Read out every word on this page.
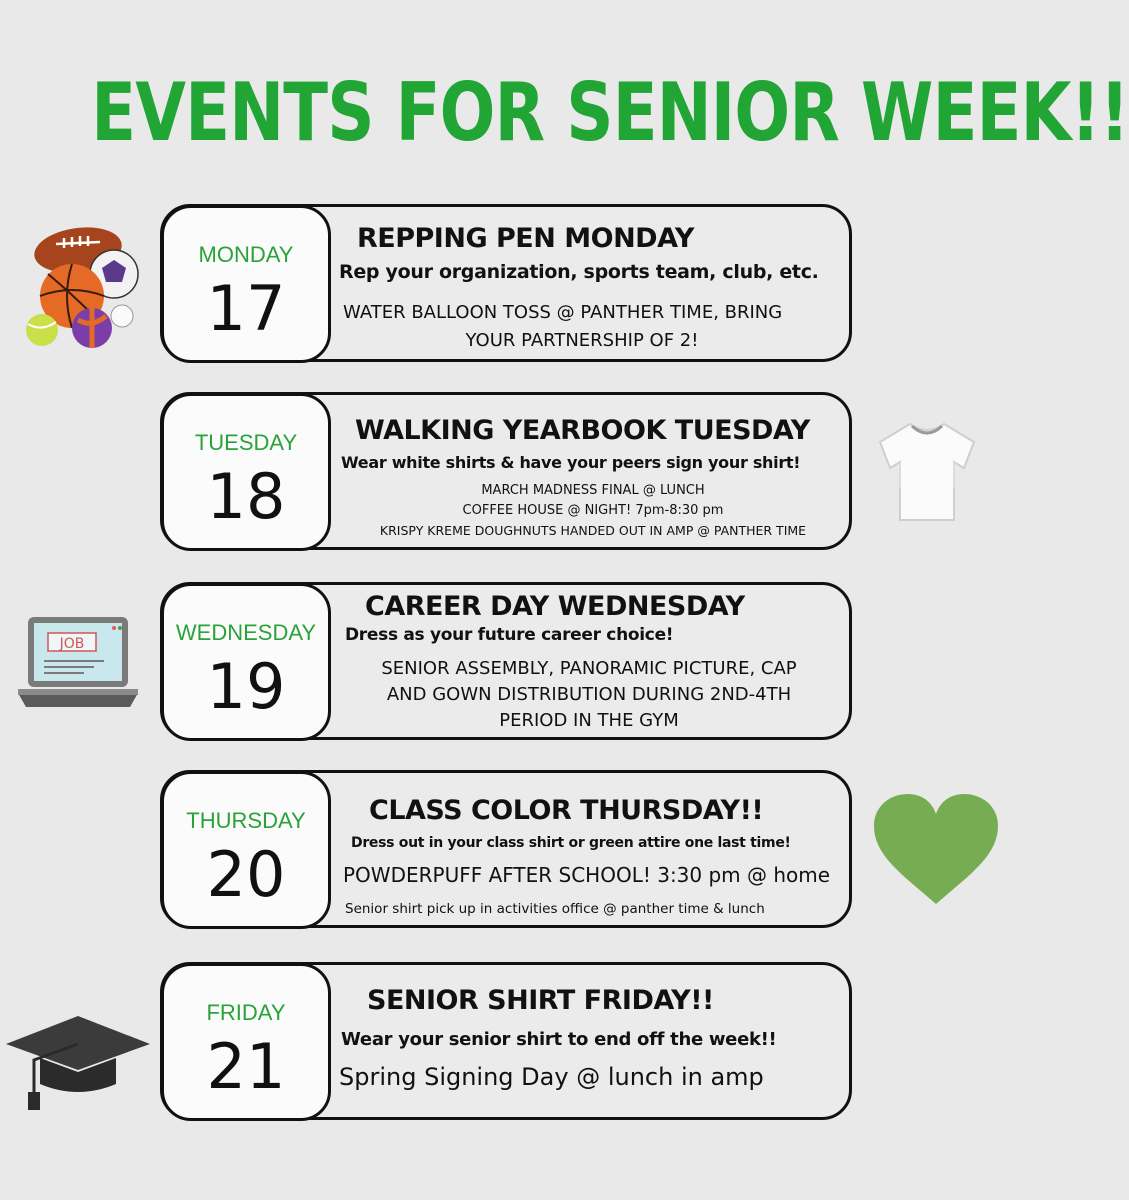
EVENTS FOR SENIOR WEEK!!
MONDAY
17
REPPING PEN MONDAY
Rep your organization, sports team, club, etc.
WATER BALLOON TOSS @ PANTHER TIME, BRING
YOUR PARTNERSHIP OF 2!
TUESDAY
18
WALKING YEARBOOK TUESDAY
Wear white shirts & have your peers sign your shirt!
MARCH MADNESS FINAL @ LUNCH
COFFEE HOUSE @ NIGHT! 7pm-8:30 pm
KRISPY KREME DOUGHNUTS HANDED OUT IN AMP @ PANTHER TIME
WEDNESDAY
19
CAREER DAY WEDNESDAY
Dress as your future career choice!
SENIOR ASSEMBLY, PANORAMIC PICTURE, CAP
AND GOWN DISTRIBUTION DURING 2ND-4TH
PERIOD IN THE GYM
THURSDAY
20
CLASS COLOR THURSDAY!!
Dress out in your class shirt or green attire one last time!
POWDERPUFF AFTER SCHOOL! 3:30 pm @ home
Senior shirt pick up in activities office @ panther time & lunch
FRIDAY
21
SENIOR SHIRT FRIDAY!!
Wear your senior shirt to end off the week!!
Spring Signing Day @ lunch in amp
JOB
